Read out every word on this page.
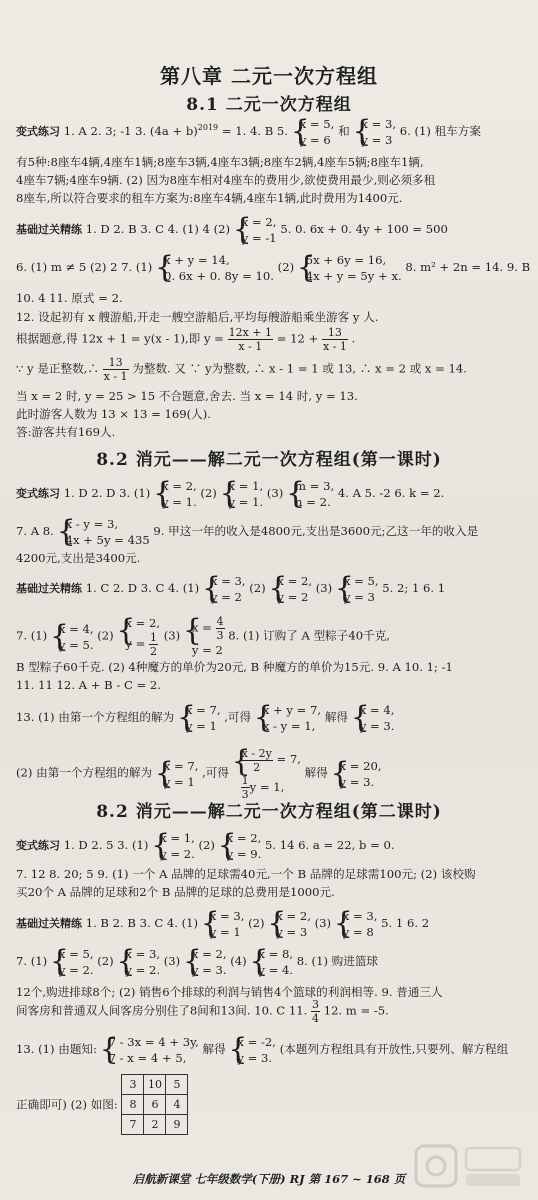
第八章 二元一次方程组
8.1 二元一次方程组
变式练习 1. A 2. 3; -1 3. $(4a + b)^{2019} = 1$. 4. B 5. { x = 5,
y = 6
和 { x = 3,
y = 3
6. (1) 租车方案
有5种:8座车4辆,4座车1辆;8座车3辆,4座车3辆;8座车2辆,4座车5辆;8座车1辆,
4座车7辆;4座车9辆. (2) 因为8座车相对4座车的费用少,欲使费用最少,则必须多租
8座车,所以符合要求的租车方案为:8座车4辆,4座车1辆,此时费用为1400元.
基础过关精练 1. D 2. B 3. C 4. (1) 4 (2) { x = 2,
y = -1
5. 0. 6x + 0. 4y + 100 = 500
6. (1) m ≠ 5 (2) 2 7. (1) { x + y = 14,
0. 6x + 0. 8y = 10.
(2) { 5x + 6y = 16,
4x + y = 5y + x.
8. m² + 2n = 14. 9. B
10. 4 11. 原式 = 2.
12. 设起初有 x 艘游船,开走一艘空游船后,平均每艘游船乘坐游客 y 人.
根据题意,得 12x + 1 = y(x - 1),即 $y = \frac{12x + 1}{x - 1} = 12 + \frac{13}{x - 1}$ .
∵ y 是正整数,∴ $\frac{13}{x - 1}$ 为整数. 又 ∵ y为整数, ∴ x - 1 = 1 或 13, ∴ x = 2 或 x = 14.
当 x = 2 时, y = 25 > 15 不合题意,舍去. 当 x = 14 时, y = 13.
此时游客人数为 13 × 13 = 169(人).
答:游客共有169人.
8.2 消元——解二元一次方程组(第一课时)
变式练习 1. D 2. D 3. (1) { x = 2,
y = 1.
(2) { x = 1,
y = 1.
(3) { m = 3,
n = 2.
4. A 5. -2 6. k = 2.
7. A 8. { x - y = 3,
4x + 5y = 435
9. 甲这一年的收入是4800元,支出是3600元;乙这一年的收入是
4200元,支出是3400元.
基础过关精练 1. C 2. D 3. C 4. (1) { x = 3,
y = 2
(2) { x = 2,
y = 2
(3) { x = 5,
y = 3
5. 2; 1 6. 1
7. (1) { x = 4,
y = 5.
(2)
{ x = 2,
$y = \frac{1}{2} (3)$
{ $x = \frac{4}{3}$
y = 2
8. (1) 订购了 A 型粽子40千克,
B 型粽子60千克. (2) 4种魔方的单价为20元, B 种魔方的单价为15元. 9. A 10. 1; -1
11. 11 12. A + B - C = 2.
13. (1) 由第一个方程组的解为 { x = 7,
y = 1
,可得 { x + y = 7,
x - y = 1,
解得 { x = 4,
y = 3.
(2) 由第一个方程组的解为 { x = 7,
y = 1
,可得 { $\frac{x - 2y}{2} = 7$,
$\frac{1}{3}$ y = 1,
解得 { x = 20,
y = 3.
8.2 消元——解二元一次方程组(第二课时)
变式练习 1. D 2. 5 3. (1) { x = 1,
y = 2.
(2) { x = 2,
y = 9.
5. 14 6. a = 22, b = 0.
7. 12 8. 20; 5 9. (1) 一个 A 品牌的足球需40元,一个 B 品牌的足球需100元; (2) 该校购
买20个 A 品牌的足球和2个 B 品牌的足球的总费用是1000元.
基础过关精练 1. B 2. B 3. C 4. (1) { x = 3,
y = 1
(2) { x = 2,
y = 3
(3) { x = 3,
y = 8
5. 1 6. 2
7. (1) { x = 5,
y = 2.
(2) { x = 3,
y = 2.
(3) { x = 2,
y = 3.
(4) { x = 8,
y = 4.
8. (1) 购进篮球
12个,购进排球8个; (2) 销售6个排球的利润与销售4个篮球的利润相等. 9. 普通三人
间客房和普通双人间客房分别住了8间和13间. 10. C 11. $\frac{3}{4} 12$. m = -5.
13. (1) 由题知: { 7 - 3x = 4 + 3y,
7 - x = 4 + 5,
解得 { x = -2,
y = 3.
(本题列方程组具有开放性,只要列、解方程组
正确即可) (2) 如图: 3	10	5
8	6	4
7	2	9
启航新课堂 七年级数学(下册) RJ 第 167 ~ 168 页
